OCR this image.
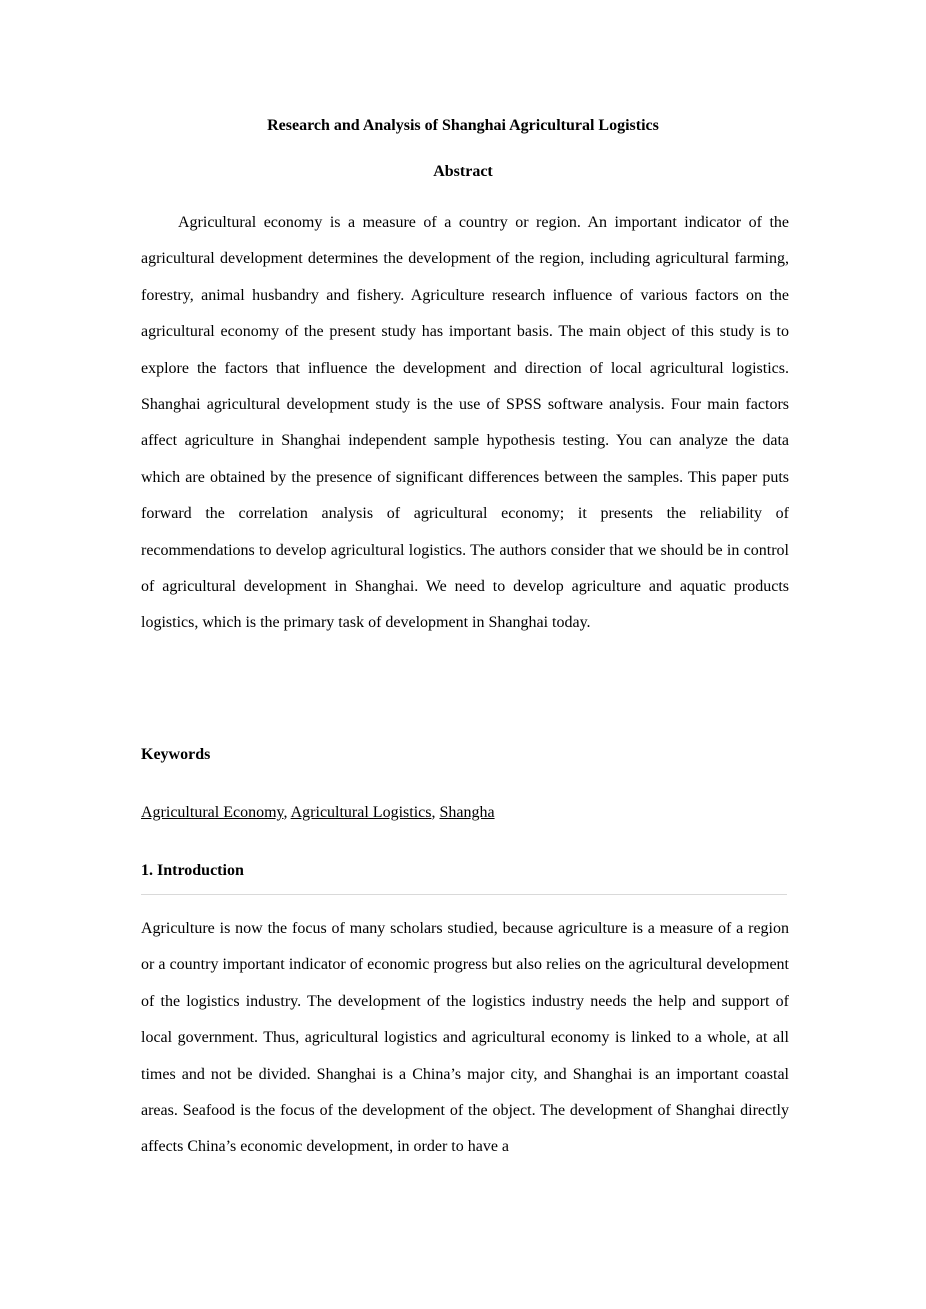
Research and Analysis of Shanghai Agricultural Logistics
Abstract
Agricultural economy is a measure of a country or region. An important indicator of the agricultural development determines the development of the region, including agricultural farming, forestry, animal husbandry and fishery. Agriculture research influence of various factors on the agricultural economy of the present study has important basis. The main object of this study is to explore the factors that influence the development and direction of local agricultural logistics. Shanghai agricultural development study is the use of SPSS software analysis. Four main factors affect agriculture in Shanghai independent sample hypothesis testing. You can analyze the data which are obtained by the presence of significant differences between the samples. This paper puts forward the correlation analysis of agricultural economy; it presents the reliability of recommendations to develop agricultural logistics. The authors consider that we should be in control of agricultural development in Shanghai. We need to develop agriculture and aquatic products logistics, which is the primary task of development in Shanghai today.
Keywords
Agricultural Economy, Agricultural Logistics, Shangha
1. Introduction
Agriculture is now the focus of many scholars studied, because agriculture is a measure of a region or a country important indicator of economic progress but also relies on the agricultural development of the logistics industry. The development of the logistics industry needs the help and support of local government. Thus, agricultural logistics and agricultural economy is linked to a whole, at all times and not be divided. Shanghai is a China’s major city, and Shanghai is an important coastal areas. Seafood is the focus of the development of the object. The development of Shanghai directly affects China’s economic development, in order to have a
